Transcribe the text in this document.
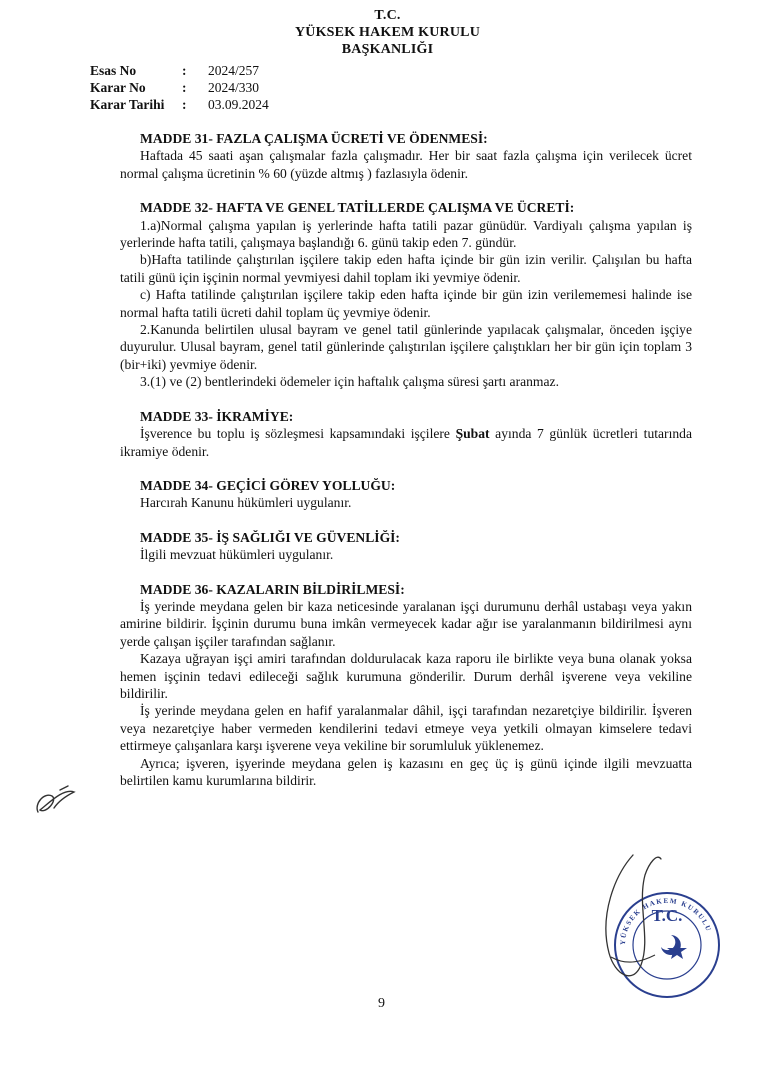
T.C.
YÜKSEK HAKEM KURULU
BAŞKANLIĞI
Esas No	:	2024/257
Karar No	:	2024/330
Karar Tarihi	:	03.09.2024
MADDE 31- FAZLA ÇALIŞMA ÜCRETİ VE ÖDENMESİ:

Haftada 45 saati aşan çalışmalar fazla çalışmadır. Her bir saat fazla çalışma için verilecek ücret normal çalışma ücretinin % 60 (yüzde altmış ) fazlasıyla ödenir.

MADDE 32- HAFTA VE GENEL TATİLLERDE ÇALIŞMA VE ÜCRETİ:

1.a)Normal çalışma yapılan iş yerlerinde hafta tatili pazar günüdür. Vardiyalı çalışma yapılan iş yerlerinde hafta tatili, çalışmaya başlandığı 6. günü takip eden 7. gündür.

b)Hafta tatilinde çalıştırılan işçilere takip eden hafta içinde bir gün izin verilir. Çalışılan bu hafta tatili günü için işçinin normal yevmiyesi dahil toplam iki yevmiye ödenir.

c) Hafta tatilinde çalıştırılan işçilere takip eden hafta içinde bir gün izin verilememesi halinde ise normal hafta tatili ücreti dahil toplam üç yevmiye ödenir.

2.Kanunda belirtilen ulusal bayram ve genel tatil günlerinde yapılacak çalışmalar, önceden işçiye duyurulur. Ulusal bayram, genel tatil günlerinde çalıştırılan işçilere çalıştıkları her bir gün için toplam 3 (bir+iki) yevmiye ödenir.

3.(1) ve (2) bentlerindeki ödemeler için haftalık çalışma süresi şartı aranmaz.

MADDE 33- İKRAMİYE:

İşverence bu toplu iş sözleşmesi kapsamındaki işçilere Şubat ayında 7 günlük ücretleri tutarında ikramiye ödenir.

MADDE 34- GEÇİCİ GÖREV YOLLUĞU:

Harcırah Kanunu hükümleri uygulanır.

MADDE 35- İŞ SAĞLIĞI VE GÜVENLİĞİ:

İlgili mevzuat hükümleri uygulanır.

MADDE 36- KAZALARIN BİLDİRİLMESİ:

İş yerinde meydana gelen bir kaza neticesinde yaralanan işçi durumunu derhâl ustabaşı veya yakın amirine bildirir. İşçinin durumu buna imkân vermeyecek kadar ağır ise yaralanmanın bildirilmesi aynı yerde çalışan işçiler tarafından sağlanır.

Kazaya uğrayan işçi amiri tarafından doldurulacak kaza raporu ile birlikte veya buna olanak yoksa hemen işçinin tedavi edileceği sağlık kurumuna gönderilir. Durum derhâl işverene veya vekiline bildirilir.

İş yerinde meydana gelen en hafif yaralanmalar dâhil, işçi tarafından nezaretçiye bildirilir. İşveren veya nezaretçiye haber vermeden kendilerini tedavi etmeye veya yetkili olmayan kimselere tedavi ettirmeye çalışanlara karşı işverene veya vekiline bir sorumluluk yüklenemez.

Ayrıca; işveren, işyerinde meydana gelen iş kazasını en geç üç iş günü içinde ilgili mevzuatta belirtilen kamu kurumlarına bildirir.

T.C.
YÜKSEK HAKEM KURULU
9
